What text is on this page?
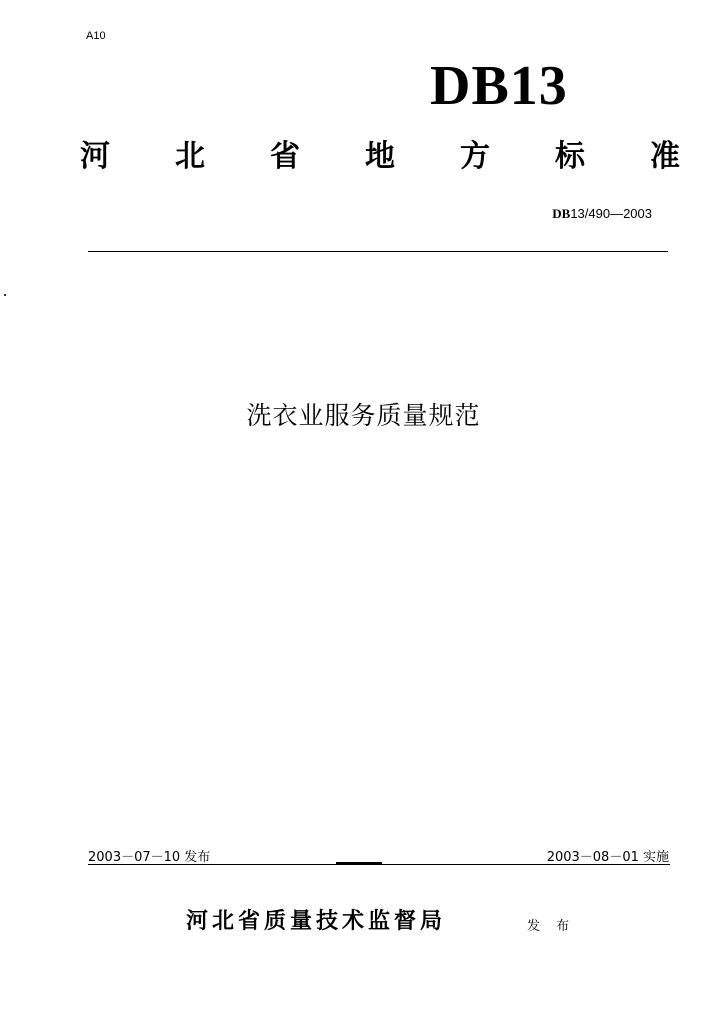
A10
DB13
河 北 省 地 方 标 准
DB13/490—2003
洗衣业服务质量规范
2003－07－10 发布	2003－08－01 实施
河北省质量技术监督局	发 布
